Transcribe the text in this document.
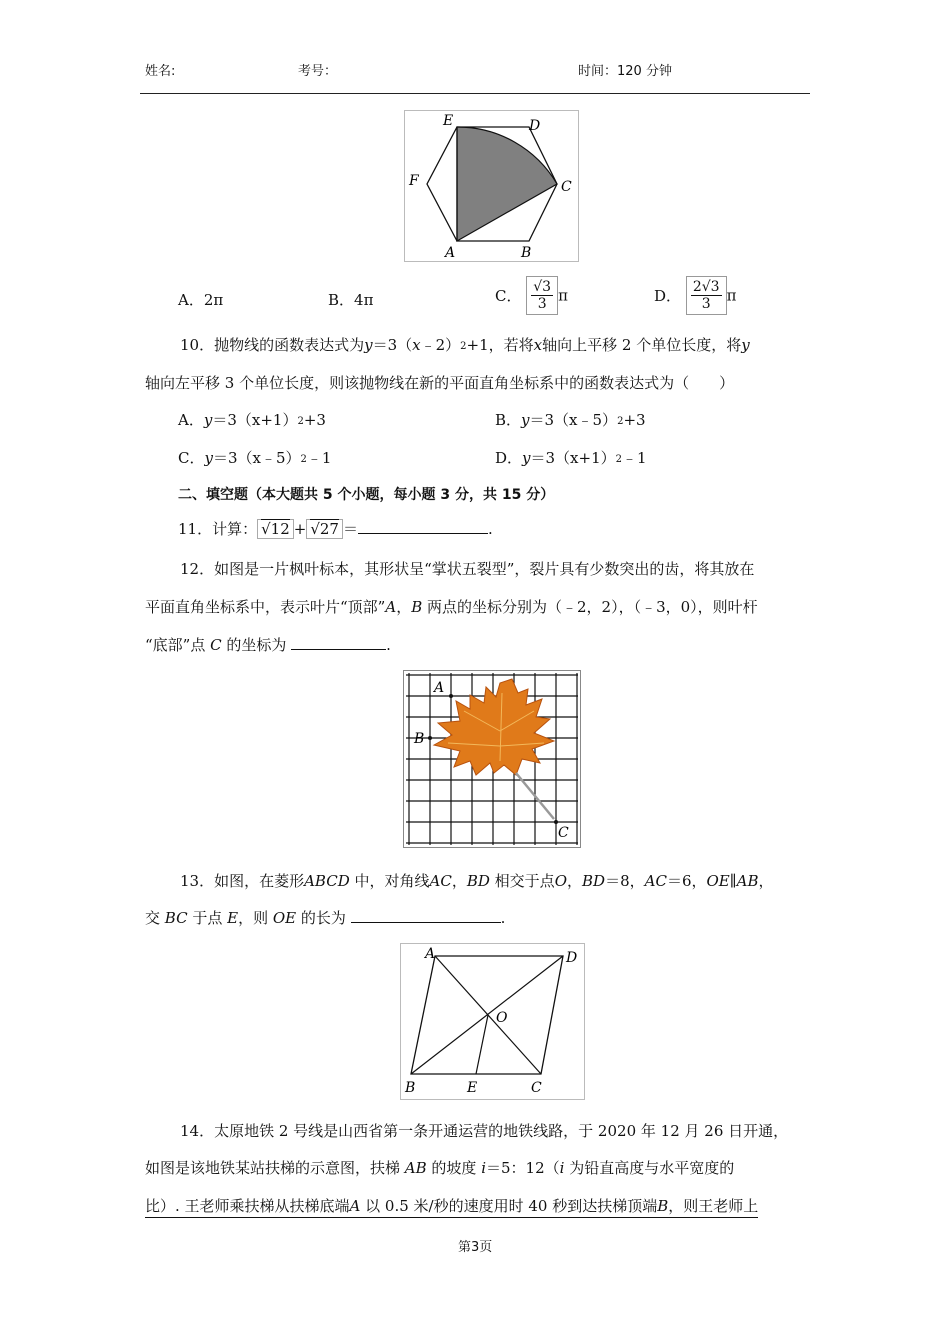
姓名:	考号：	时间：120 分钟
E	D
F	C
A	B
A．2π	B．4π	C． $\frac{√3}{3}$ π	D． $\frac{2√3}{3}$ π
10．抛物线的函数表达式为y＝3（x﹣2）2+1，若将x轴向上平移 2 个单位长度，将y
轴向左平移 3 个单位长度，则该抛物线在新的平面直角坐标系中的函数表达式为（　　）
A．y＝3（x+1）2+3	B．y＝3（x﹣5）2+3
C．y＝3（x﹣5）2﹣1	D．y＝3（x+1）2﹣1
二、填空题（本大题共 5 个小题，每小题 3 分，共 15 分）
11．计算： √12 + √27 ＝	.
12．如图是一片枫叶标本，其形状呈“掌状五裂型”，裂片具有少数突出的齿，将其放在
平面直角坐标系中，表示叶片“顶部”A，B 两点的坐标分别为（﹣2，2），（﹣3，0），则叶杆
“底部”点 C 的坐标为	.
A
B
C
13．如图，在菱形ABCD 中，对角线AC，BD 相交于点O，BD＝8，AC＝6，OE∥AB，
交 BC 于点 E，则 OE 的长为	.
A	D
O
B	E	C
14．太原地铁 2 号线是山西省第一条开通运营的地铁线路，于 2020 年 12 月 26 日开通，
如图是该地铁某站扶梯的示意图，扶梯 AB 的坡度 i＝5：12（i 为铅直高度与水平宽度的
比）. 王老师乘扶梯从扶梯底端A 以 0.5 米/秒的速度用时 40 秒到达扶梯顶端B，则王老师上
第3页
